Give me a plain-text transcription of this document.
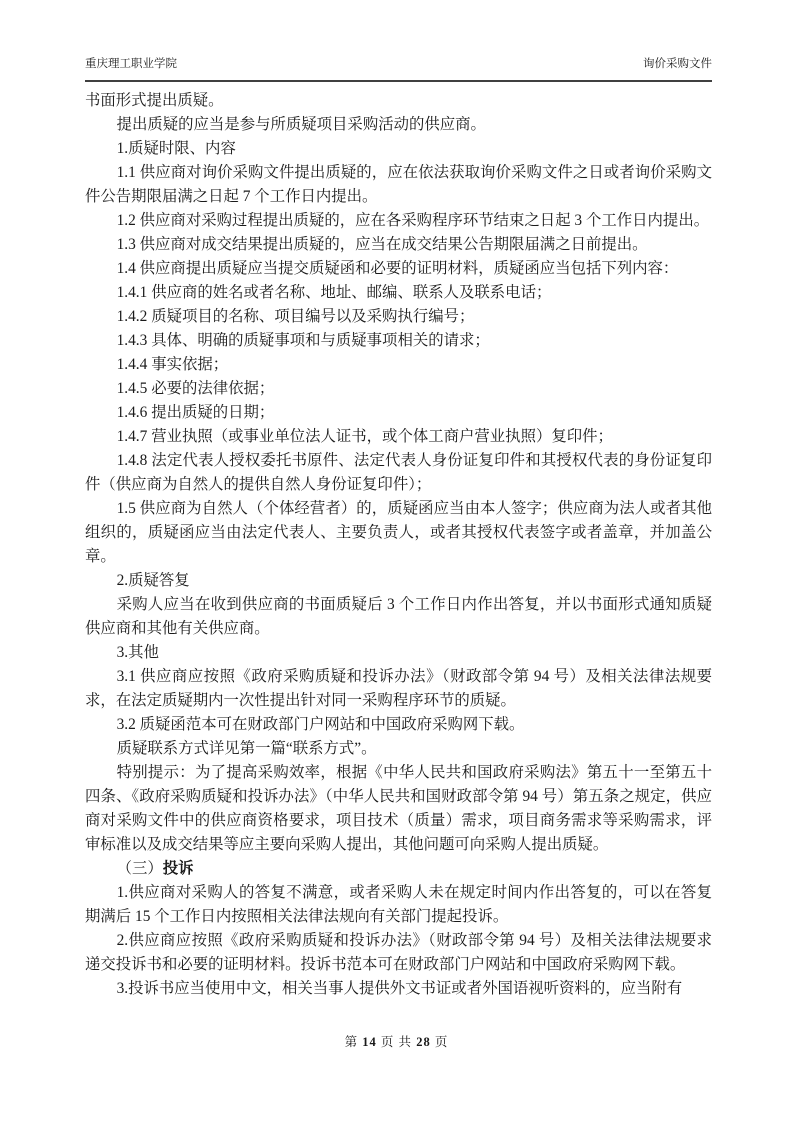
重庆理工职业学院	询价采购文件

书面形式提出质疑。

提出质疑的应当是参与所质疑项目采购活动的供应商。

1.质疑时限、内容

1.1 供应商对询价采购文件提出质疑的，应在依法获取询价采购文件之日或者询价采购文件公告期限届满之日起 7 个工作日内提出。

1.2 供应商对采购过程提出质疑的，应在各采购程序环节结束之日起 3 个工作日内提出。

1.3 供应商对成交结果提出质疑的，应当在成交结果公告期限届满之日前提出。

1.4 供应商提出质疑应当提交质疑函和必要的证明材料，质疑函应当包括下列内容：

1.4.1 供应商的姓名或者名称、地址、邮编、联系人及联系电话；

1.4.2 质疑项目的名称、项目编号以及采购执行编号；

1.4.3 具体、明确的质疑事项和与质疑事项相关的请求；

1.4.4 事实依据；

1.4.5 必要的法律依据；

1.4.6 提出质疑的日期；

1.4.7 营业执照（或事业单位法人证书，或个体工商户营业执照）复印件；

1.4.8 法定代表人授权委托书原件、法定代表人身份证复印件和其授权代表的身份证复印件（供应商为自然人的提供自然人身份证复印件）；

1.5 供应商为自然人（个体经营者）的，质疑函应当由本人签字；供应商为法人或者其他组织的，质疑函应当由法定代表人、主要负责人，或者其授权代表签字或者盖章，并加盖公章。

2.质疑答复

采购人应当在收到供应商的书面质疑后 3 个工作日内作出答复，并以书面形式通知质疑供应商和其他有关供应商。

3.其他

3.1 供应商应按照《政府采购质疑和投诉办法》（财政部令第 94 号）及相关法律法规要求，在法定质疑期内一次性提出针对同一采购程序环节的质疑。

3.2 质疑函范本可在财政部门户网站和中国政府采购网下载。

质疑联系方式详见第一篇“联系方式”。

特别提示：为了提高采购效率，根据《中华人民共和国政府采购法》第五十一至第五十四条、《政府采购质疑和投诉办法》（中华人民共和国财政部令第 94 号）第五条之规定，供应商对采购文件中的供应商资格要求，项目技术（质量）需求，项目商务需求等采购需求，评审标准以及成交结果等应主要向采购人提出，其他问题可向采购人提出质疑。

（三）投诉

1.供应商对采购人的答复不满意，或者采购人未在规定时间内作出答复的，可以在答复期满后 15 个工作日内按照相关法律法规向有关部门提起投诉。

2.供应商应按照《政府采购质疑和投诉办法》（财政部令第 94 号）及相关法律法规要求递交投诉书和必要的证明材料。投诉书范本可在财政部门户网站和中国政府采购网下载。

3.投诉书应当使用中文，相关当事人提供外文书证或者外国语视听资料的，应当附有

第 14 页 共 28 页
